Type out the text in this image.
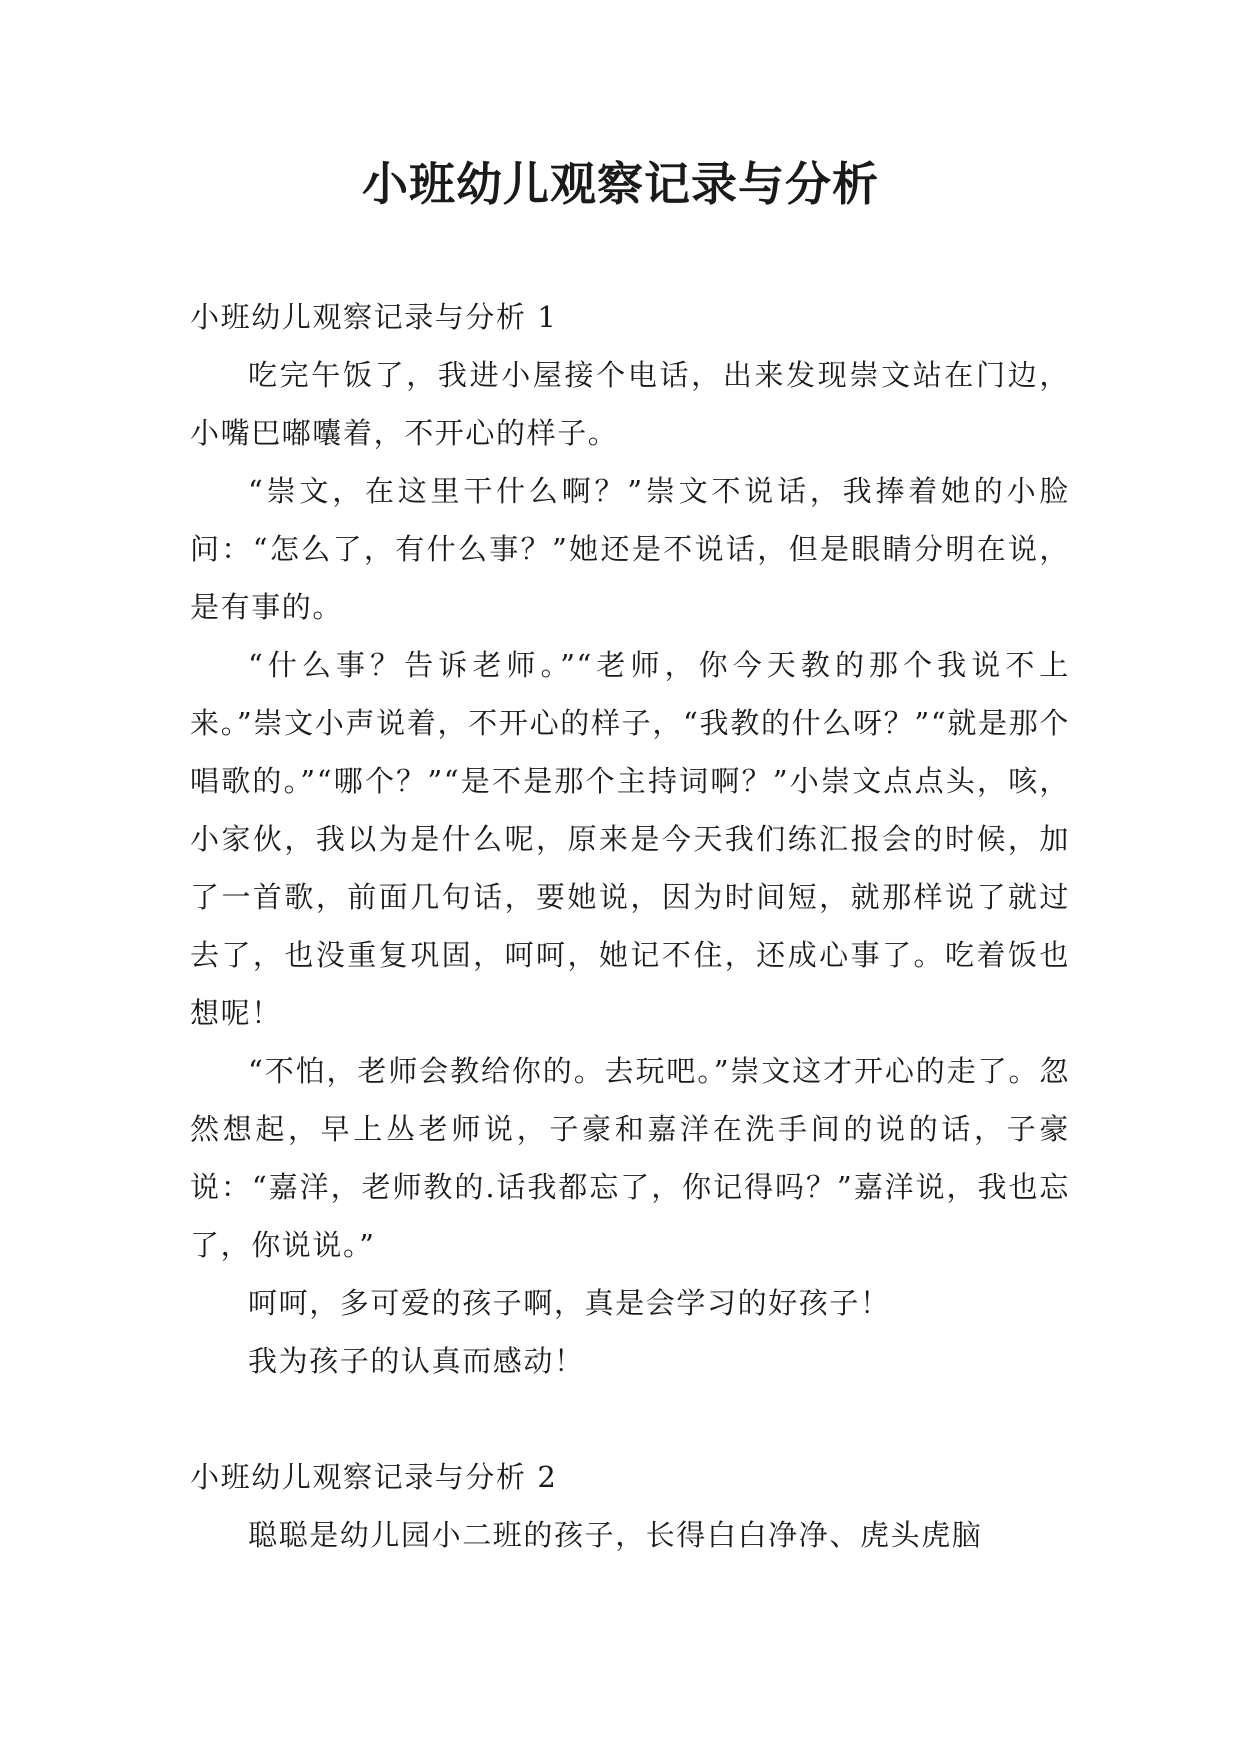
小班幼儿观察记录与分析
小班幼儿观察记录与分析 1

吃完午饭了，我进小屋接个电话，出来发现崇文站在门边，小嘴巴嘟囔着，不开心的样子。

“崇文，在这里干什么啊？”崇文不说话，我捧着她的小脸问：“怎么了，有什么事？”她还是不说话，但是眼睛分明在说，是有事的。

“什么事？告诉老师。”“老师，你今天教的那个我说不上来。”崇文小声说着，不开心的样子，“我教的什么呀？”“就是那个唱歌的。”“哪个？”“是不是那个主持词啊？”小崇文点点头，咳，小家伙，我以为是什么呢，原来是今天我们练汇报会的时候，加了一首歌，前面几句话，要她说，因为时间短，就那样说了就过去了，也没重复巩固，呵呵，她记不住，还成心事了。吃着饭也想呢！

“不怕，老师会教给你的。去玩吧。”崇文这才开心的走了。忽然想起，早上丛老师说，子豪和嘉洋在洗手间的说的话，子豪说：“嘉洋，老师教的.话我都忘了，你记得吗？”嘉洋说，我也忘了，你说说。”

呵呵，多可爱的孩子啊，真是会学习的好孩子！

我为孩子的认真而感动！

小班幼儿观察记录与分析 2

聪聪是幼儿园小二班的孩子，长得白白净净、虎头虎脑
